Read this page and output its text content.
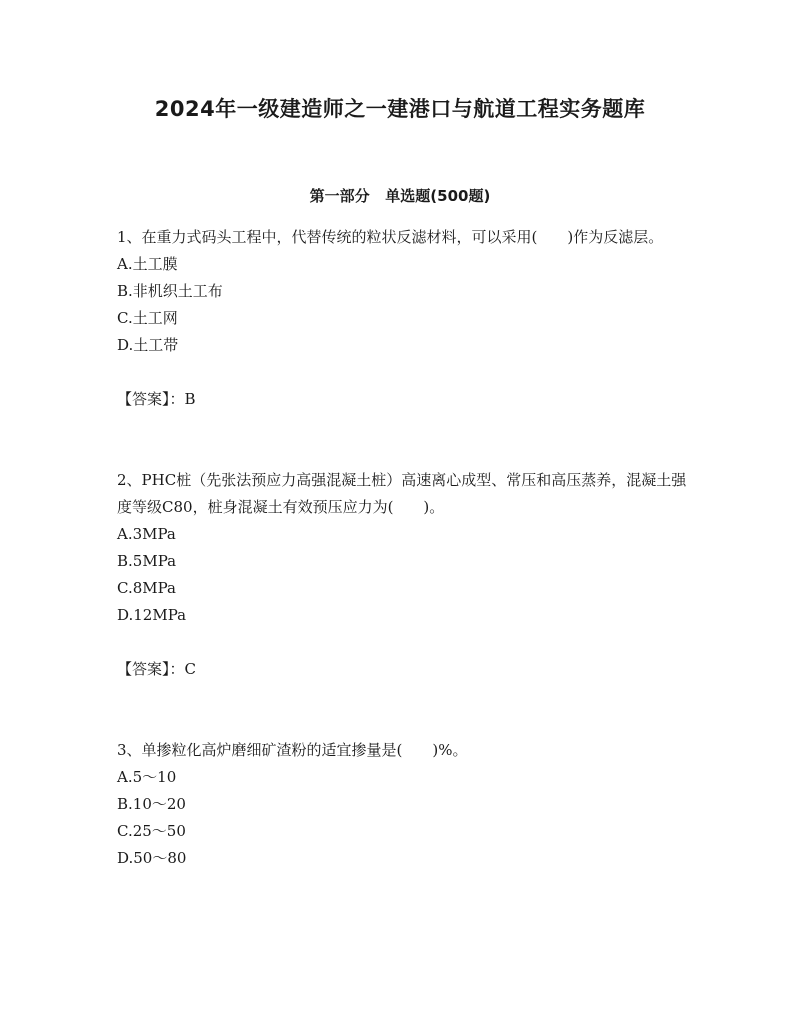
2024年一级建造师之一建港口与航道工程实务题库
第一部分   单选题(500题)

1、在重力式码头工程中，代替传统的粒状反滤材料，可以采用(　　)作为反滤层。

A.土工膜

B.非机织土工布

C.土工网

D.土工带

【答案】：B

2、PHC桩（先张法预应力高强混凝土桩）高速离心成型、常压和高压蒸养，混凝土强度等级C80，桩身混凝土有效预压应力为(　　)。

A.3MPa

B.5MPa

C.8MPa

D.12MPa

【答案】：C

3、单掺粒化高炉磨细矿渣粉的适宜掺量是(　　)%。

A.5～10

B.10～20

C.25～50

D.50～80
